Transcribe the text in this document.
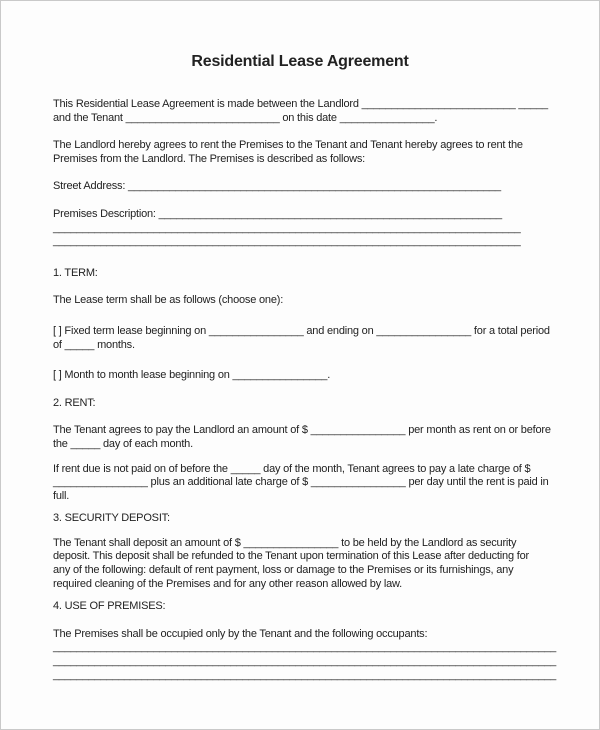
Residential Lease Agreement
This Residential Lease Agreement is made between the Landlord __________________________ _____
and the Tenant __________________________ on this date ________________.
The Landlord hereby agrees to rent the Premises to the Tenant and Tenant hereby agrees to rent the
Premises from the Landlord. The Premises is described as follows:
Street Address: _______________________________________________________________
Premises Description: __________________________________________________________
_______________________________________________________________________________
_______________________________________________________________________________
1. TERM:
The Lease term shall be as follows (choose one):
[ ] Fixed term lease beginning on ________________ and ending on ________________ for a total period
of _____ months.
[ ] Month to month lease beginning on ________________.
2. RENT:
The Tenant agrees to pay the Landlord an amount of $ ________________ per month as rent on or before
the _____ day of each month.
If rent due is not paid on of before the _____ day of the month, Tenant agrees to pay a late charge of $
________________ plus an additional late charge of $ ________________ per day until the rent is paid in
full.
3. SECURITY DEPOSIT:
The Tenant shall deposit an amount of $ ________________ to be held by the Landlord as security
deposit. This deposit shall be refunded to the Tenant upon termination of this Lease after deducting for
any of the following: default of rent payment, loss or damage to the Premises or its furnishings, any
required cleaning of the Premises and for any other reason allowed by law.
4. USE OF PREMISES:
The Premises shall be occupied only by the Tenant and the following occupants:
_____________________________________________________________________________________
_____________________________________________________________________________________
_____________________________________________________________________________________
